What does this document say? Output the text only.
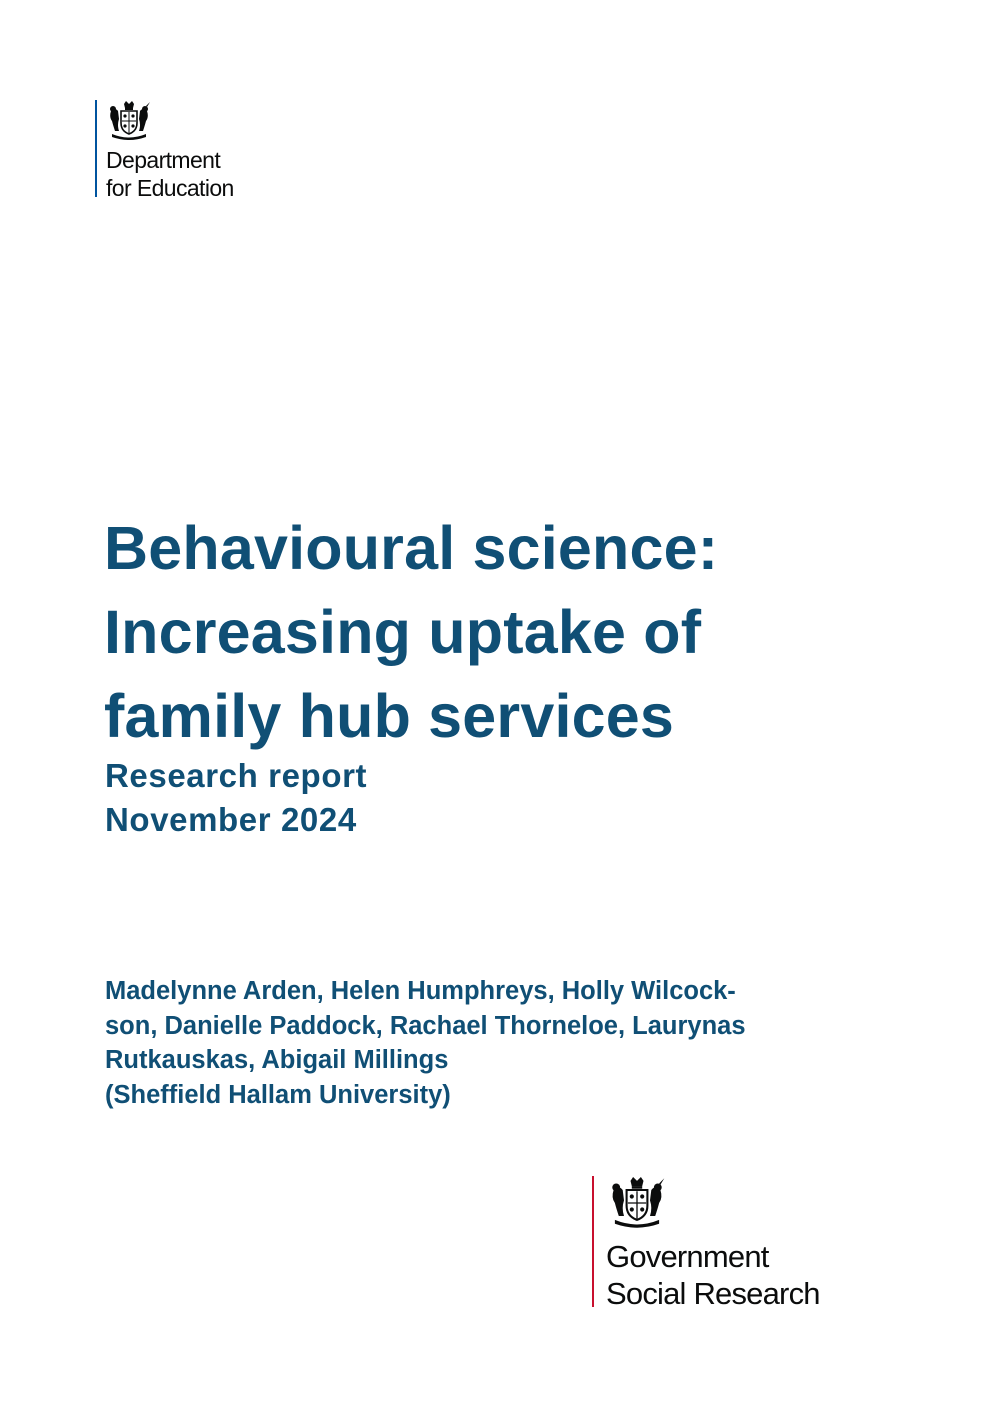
Department
for Education
Behavioural science:
Increasing uptake of
family hub services
Research report
November 2024
Madelynne Arden, Helen Humphreys, Holly Wilcock-
son, Danielle Paddock, Rachael Thorneloe, Laurynas
Rutkauskas, Abigail Millings
(Sheffield Hallam University)
Government
Social Research
